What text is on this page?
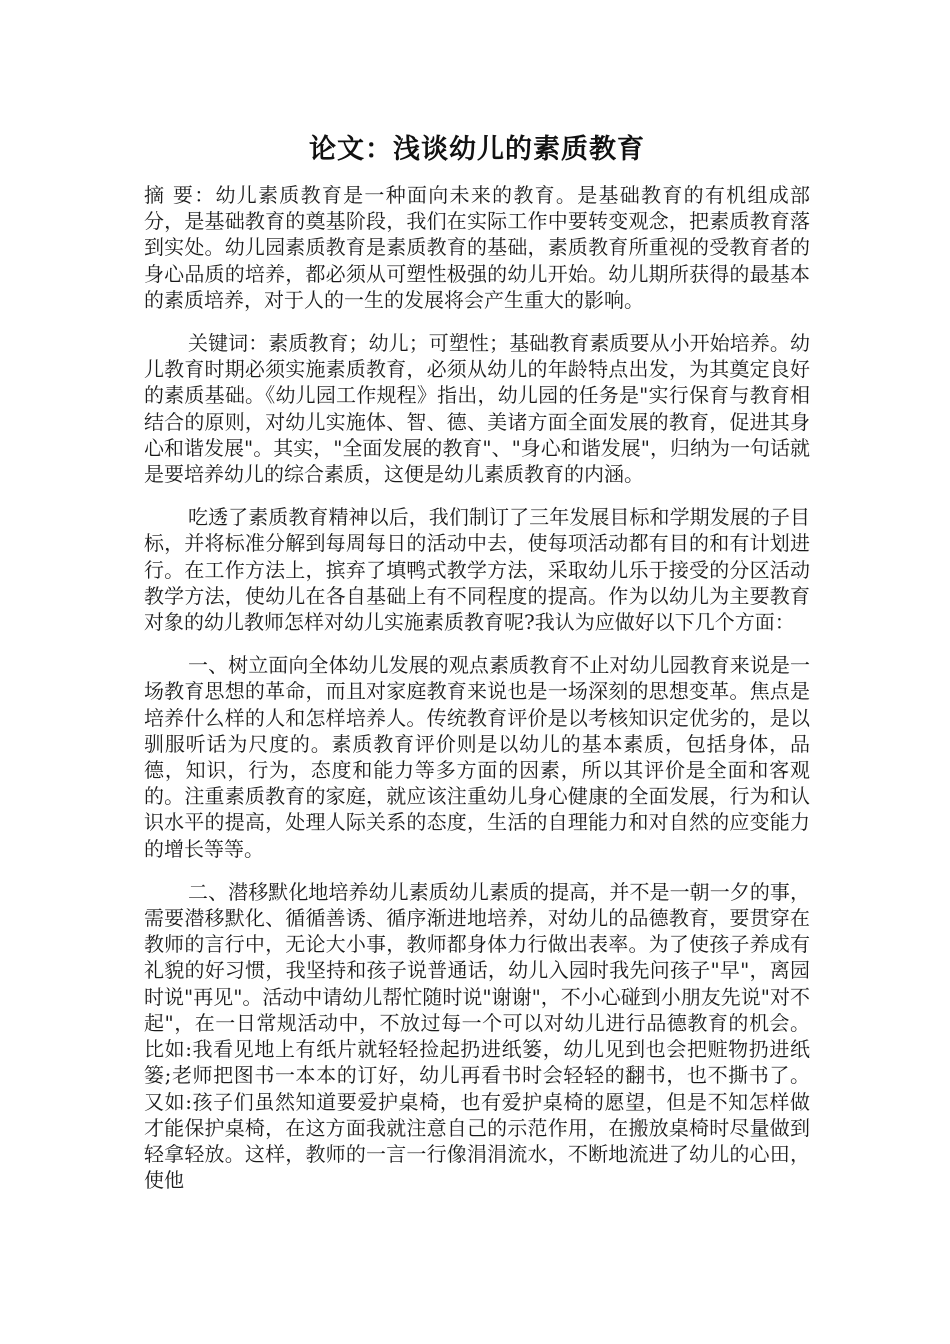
论文：浅谈幼儿的素质教育

摘 要：幼儿素质教育是一种面向未来的教育。是基础教育的有机组成部分，是基础教育的奠基阶段，我们在实际工作中要转变观念，把素质教育落到实处。幼儿园素质教育是素质教育的基础，素质教育所重视的受教育者的身心品质的培养，都必须从可塑性极强的幼儿开始。幼儿期所获得的最基本的素质培养，对于人的一生的发展将会产生重大的影响。

关键词：素质教育；幼儿；可塑性；基础教育素质要从小开始培养。幼儿教育时期必须实施素质教育，必须从幼儿的年龄特点出发，为其奠定良好的素质基础。《幼儿园工作规程》指出，幼儿园的任务是"实行保育与教育相结合的原则，对幼儿实施体、智、德、美诸方面全面发展的教育，促进其身心和谐发展"。其实，"全面发展的教育"、"身心和谐发展"，归纳为一句话就是要培养幼儿的综合素质，这便是幼儿素质教育的内涵。

吃透了素质教育精神以后，我们制订了三年发展目标和学期发展的子目标，并将标准分解到每周每日的活动中去，使每项活动都有目的和有计划进行。在工作方法上，摈弃了填鸭式教学方法，采取幼儿乐于接受的分区活动教学方法，使幼儿在各自基础上有不同程度的提高。作为以幼儿为主要教育对象的幼儿教师怎样对幼儿实施素质教育呢?我认为应做好以下几个方面：

一、树立面向全体幼儿发展的观点素质教育不止对幼儿园教育来说是一场教育思想的革命，而且对家庭教育来说也是一场深刻的思想变革。焦点是培养什么样的人和怎样培养人。传统教育评价是以考核知识定优劣的，是以驯服听话为尺度的。素质教育评价则是以幼儿的基本素质，包括身体，品德，知识，行为，态度和能力等多方面的因素，所以其评价是全面和客观的。注重素质教育的家庭，就应该注重幼儿身心健康的全面发展，行为和认识水平的提高，处理人际关系的态度，生活的自理能力和对自然的应变能力的增长等等。

二、潜移默化地培养幼儿素质幼儿素质的提高，并不是一朝一夕的事，需要潜移默化、循循善诱、循序渐进地培养，对幼儿的品德教育，要贯穿在教师的言行中，无论大小事，教师都身体力行做出表率。为了使孩子养成有礼貌的好习惯，我坚持和孩子说普通话，幼儿入园时我先问孩子"早"，离园时说"再见"。活动中请幼儿帮忙随时说"谢谢"，不小心碰到小朋友先说"对不起"，在一日常规活动中，不放过每一个可以对幼儿进行品德教育的机会。比如:我看见地上有纸片就轻轻捡起扔进纸篓，幼儿见到也会把赃物扔进纸篓;老师把图书一本本的订好，幼儿再看书时会轻轻的翻书，也不撕书了。又如:孩子们虽然知道要爱护桌椅，也有爱护桌椅的愿望，但是不知怎样做才能保护桌椅，在这方面我就注意自己的示范作用，在搬放桌椅时尽量做到轻拿轻放。这样，教师的一言一行像涓涓流水，不断地流进了幼儿的心田，使他
